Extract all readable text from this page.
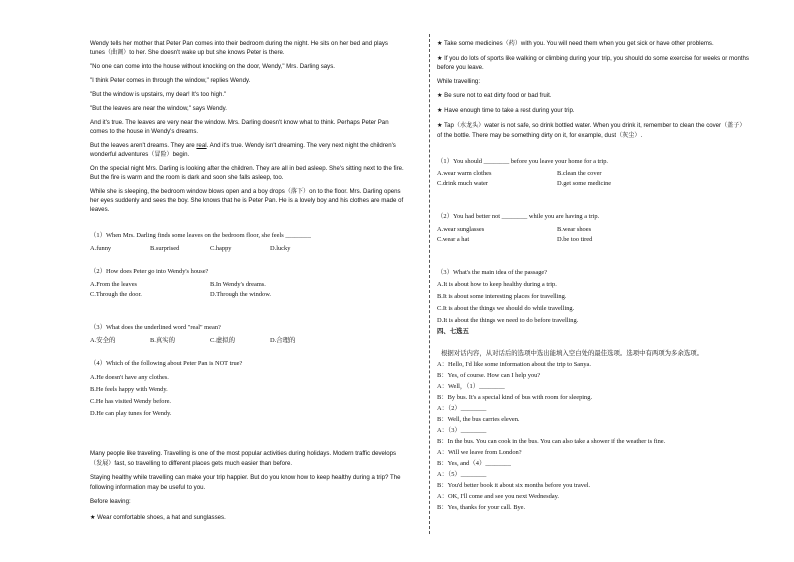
Wendy tells her mother that Peter Pan comes into their bedroom during the night. He sits on her bed and plays
tunes（曲调）to her. She doesn't wake up but she knows Peter is there.
"No one can come into the house without knocking on the door, Wendy," Mrs. Darling says.
"I think Peter comes in through the window," replies Wendy.
"But the window is upstairs, my dear! It's too high."
"But the leaves are near the window," says Wendy.
And it's true. The leaves are very near the window. Mrs. Darling doesn't know what to think. Perhaps Peter Pan
comes to the house in Wendy's dreams.
But the leaves aren't dreams. They are real. And it's true. Wendy isn't dreaming. The very next night the children's
wonderful adventures（冒险）begin.
On the special night Mrs. Darling is looking after the children. They are all in bed asleep. She's sitting next to the fire.
But the fire is warm and the room is dark and soon she falls asleep, too.
While she is sleeping, the bedroom window blows open and a boy drops（落下）on to the floor. Mrs. Darling opens
her eyes suddenly and sees the boy. She knows that he is Peter Pan. He is a lovely boy and his clothes are made of
leaves.
（1）When Mrs. Darling finds some leaves on the bedroom floor, she feels ________
A.funny	B.surprised	C.happy	D.lucky
（2）How does Peter go into Wendy's house?
A.From the leaves	B.In Wendy's dreams.
C.Through the door.	D.Through the window.
（3）What does the underlined word "real" mean?
A.安全的	B.真实的	C.虚拟的	D.合理的
（4）Which of the following about Peter Pan is NOT true?
A.He doesn't have any clothes.
B.He feels happy with Wendy.
C.He has visited Wendy before.
D.He can play tunes for Wendy.
Many people like traveling. Travelling is one of the most popular activities during holidays. Modern traffic develops
（发展）fast, so travelling to different places gets much easier than before.
Staying healthy while travelling can make your trip happier. But do you know how to keep healthy during a trip? The
following information may be useful to you.
Before leaving:
★ Wear comfortable shoes, a hat and sunglasses.
★ Take some medicines（药）with you. You will need them when you get sick or have other problems.
★ If you do lots of sports like walking or climbing during your trip, you should do some exercise for weeks or months
before you leave.
While travelling:
★ Be sure not to eat dirty food or bad fruit.
★ Have enough time to take a rest during your trip.
★ Tap（水龙头）water is not safe, so drink bottled water. When you drink it, remember to clean the cover（盖子）
of the bottle. There may be something dirty on it, for example, dust（灰尘）.
（1）You should ________ before you leave your home for a trip.
A.wear warm clothes	B.clean the cover
C.drink much water	D.get some medicine
（2）You had better not ________ while you are having a trip.
A.wear sunglasses	B.wear shoes
C.wear a hat	D.be too tired
（3）What's the main idea of the passage?
A.It is about how to keep healthy during a trip.
B.It is about some interesting places for travelling.
C.It is about the things we should do while travelling.
D.It is about the things we need to do before travelling.
四、七选五
根据对话内容，从对话后的选项中选出能填入空白处的最佳选项。选项中有两项为多余选项。
A：Hello, I'd like some information about the trip to Sanya.
B：Yes, of course. How can I help you?
A：Well，（1）________
B：By bus. It's a special kind of bus with room for sleeping.
A：（2）________
B：Well, the bus carries eleven.
A：（3）________
B：In the bus. You can cook in the bus. You can also take a shower if the weather is fine.
A：Will we leave from London?
B：Yes, and（4）________
A：（5）________
B：You'd better book it about six months before you travel.
A：OK, I'll come and see you next Wednesday.
B：Yes, thanks for your call. Bye.
